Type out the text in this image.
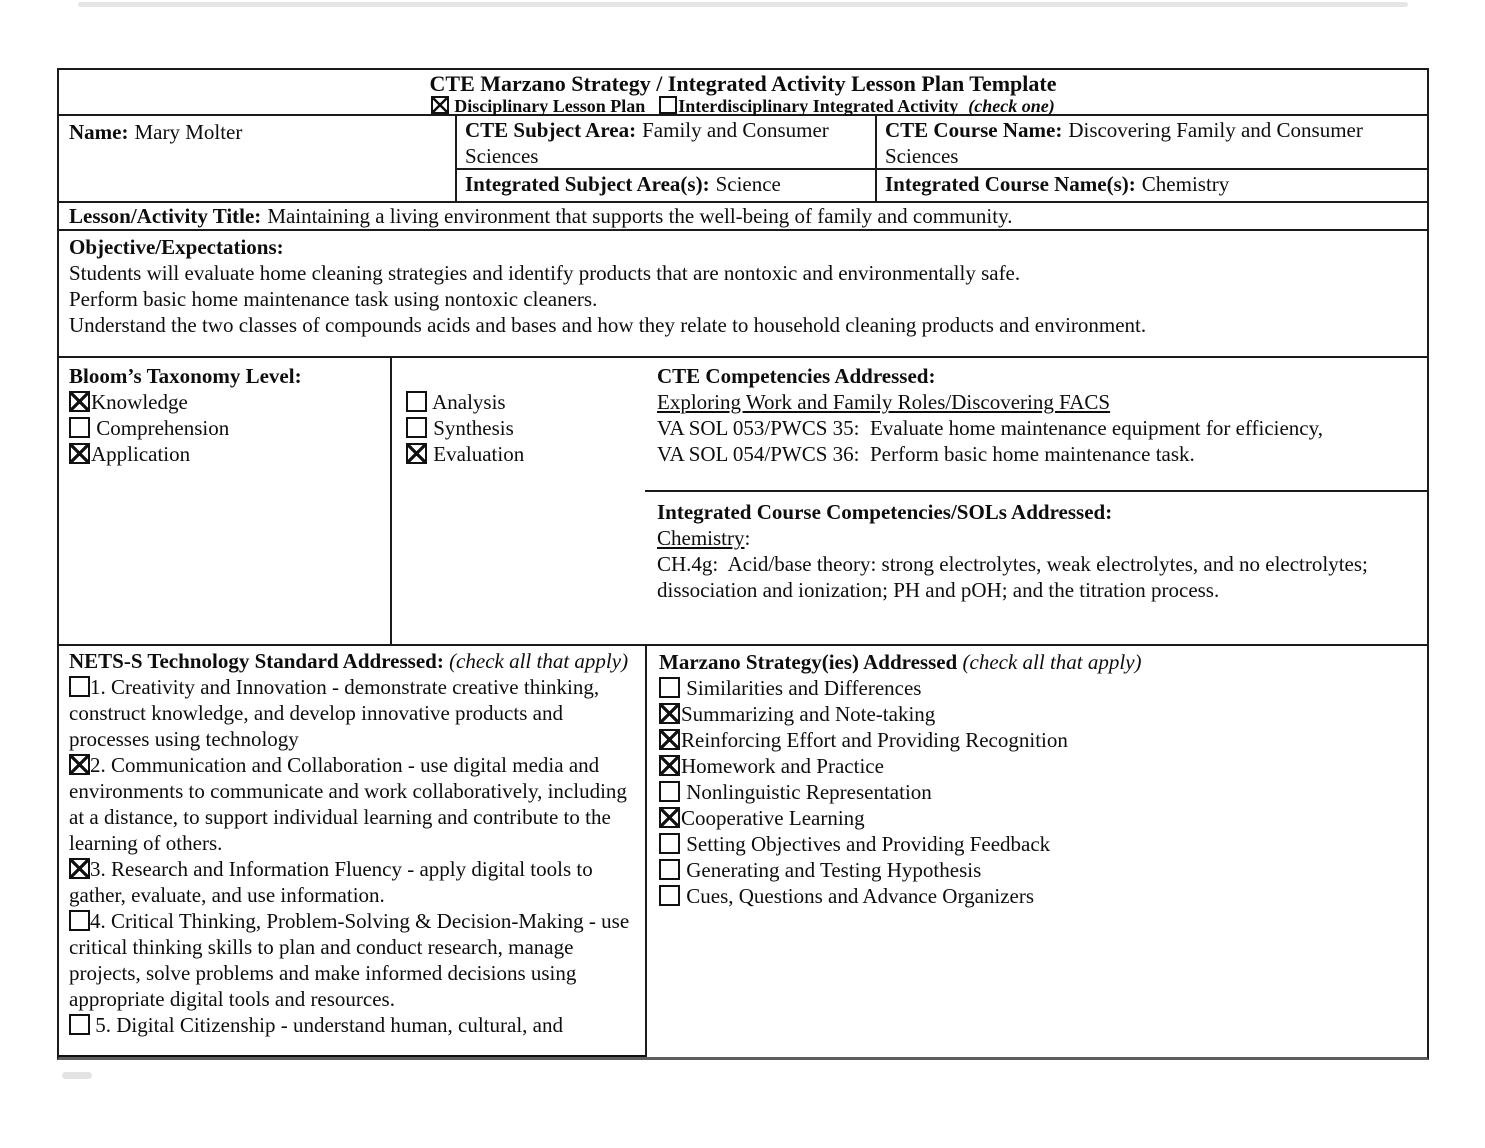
CTE Marzano Strategy / Integrated Activity Lesson Plan Template
Disciplinary Lesson Plan Interdisciplinary Integrated Activity (check one)
Name: Mary Molter	CTE Subject Area: Family and Consumer Sciences
CTE Course Name: Discovering Family and Consumer Sciences
Integrated Subject Area(s): Science	Integrated Course Name(s): Chemistry
Lesson/Activity Title: Maintaining a living environment that supports the well-being of family and community.
Objective/Expectations:
Students will evaluate home cleaning strategies and identify products that are nontoxic and environmentally safe.
Perform basic home maintenance task using nontoxic cleaners.
Understand the two classes of compounds acids and bases and how they relate to household cleaning products and environment.
Bloom’s Taxonomy Level:
Knowledge
Comprehension
Application
Analysis
Synthesis
Evaluation
CTE Competencies Addressed:
Exploring Work and Family Roles/Discovering FACS
VA SOL 053/PWCS 35:  Evaluate home maintenance equipment for efficiency,
VA SOL 054/PWCS 36:  Perform basic home maintenance task.
Integrated Course Competencies/SOLs Addressed:
Chemistry:
CH.4g:  Acid/base theory: strong electrolytes, weak electrolytes, and no electrolytes; dissociation and ionization; PH and pOH; and the titration process.
NETS-S Technology Standard Addressed: (check all that apply)
1. Creativity and Innovation - demonstrate creative thinking, construct knowledge, and develop innovative products and processes using technology
2. Communication and Collaboration - use digital media and environments to communicate and work collaboratively, including at a distance, to support individual learning and contribute to the learning of others.
3. Research and Information Fluency - apply digital tools to gather, evaluate, and use information.
4. Critical Thinking, Problem-Solving & Decision-Making - use critical thinking skills to plan and conduct research, manage projects, solve problems and make informed decisions using appropriate digital tools and resources.
5. Digital Citizenship - understand human, cultural, and
Marzano Strategy(ies) Addressed (check all that apply)
Similarities and Differences
Summarizing and Note-taking
Reinforcing Effort and Providing Recognition
Homework and Practice
Nonlinguistic Representation
Cooperative Learning
Setting Objectives and Providing Feedback
Generating and Testing Hypothesis
Cues, Questions and Advance Organizers
